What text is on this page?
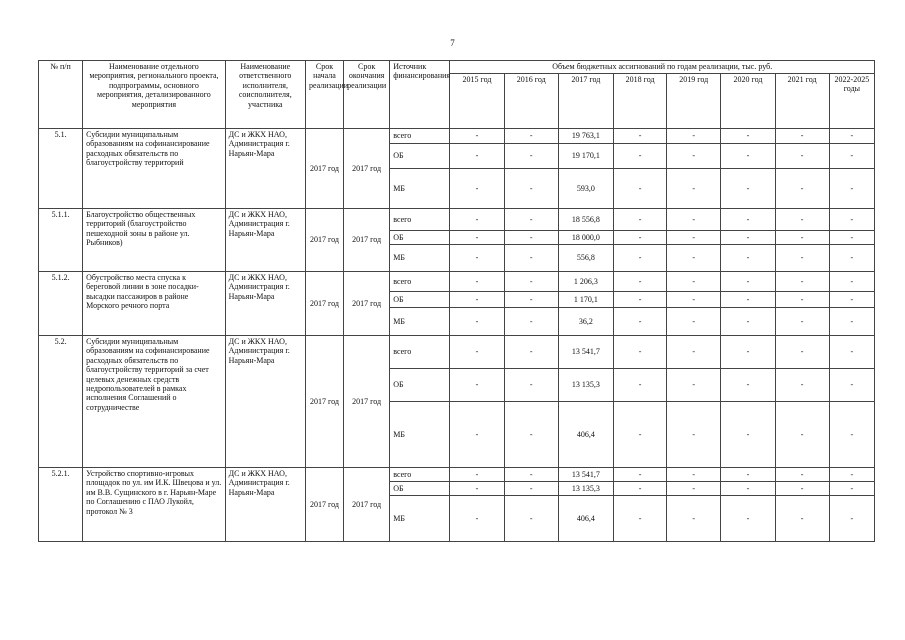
7
№ п/п	Наименование отдельного мероприятия, регионального проекта, подпрограммы, основного мероприятия, детализированного мероприятия	Наименование ответственного исполнителя, соисполнителя, участника	Срок начала реализации	Срок окончания реализации	Источник финансирования	Объем бюджетных ассигнований по годам реализации, тыс. руб.							
						2015 год	2016 год	2017 год	2018 год	2019 год	2020 год	2021 год	2022-2025 годы
5.1.	Субсидии муниципальным образованиям на софинансирование расходных обязательств по благоустройству территорий	ДС и ЖКХ НАО, Администрация г. Нарьян-Мара	2017 год	2017 год	всего	-	-	19 763,1	-	-	-	-	-
					ОБ	-	-	19 170,1	-	-	-	-	-
					МБ	-	-	593,0	-	-	-	-	-
5.1.1.	Благоустройство общественных территорий (благоустройство пешеходной зоны в районе ул. Рыбников)	ДС и ЖКХ НАО, Администрация г. Нарьян-Мара	2017 год	2017 год	всего	-	-	18 556,8	-	-	-	-	-
					ОБ	-	-	18 000,0	-	-	-	-	-
					МБ	-	-	556,8	-	-	-	-	-
5.1.2.	Обустройство места спуска к береговой линии в зоне посадки-высадки пассажиров в районе Морского речного порта	ДС и ЖКХ НАО, Администрация г. Нарьян-Мара	2017 год	2017 год	всего	-	-	1 206,3	-	-	-	-	-
					ОБ	-	-	1 170,1	-	-	-	-	-
					МБ	-	-	36,2	-	-	-	-	-
5.2.	Субсидии муниципальным образованиям на софинансирование расходных обязательств по благоустройству территорий за счет целевых денежных средств недропользователей в рамках исполнения Соглашений о сотрудничестве	ДС и ЖКХ НАО, Администрация г. Нарьян-Мара	2017 год	2017 год	всего	-	-	13 541,7	-	-	-	-	-
					ОБ	-	-	13 135,3	-	-	-	-	-
					МБ	-	-	406,4	-	-	-	-	-
5.2.1.	Устройство спортивно-игровых площадок по ул. им И.К. Швецова и ул. им В.В. Сущинского в г. Нарьян-Маре по Соглашению с ПАО Лукойл, протокол № 3	ДС и ЖКХ НАО, Администрация г. Нарьян-Мара	2017 год	2017 год	всего	-	-	13 541,7	-	-	-	-	-
					ОБ	-	-	13 135,3	-	-	-	-	-
					МБ	-	-	406,4	-	-	-	-	-
